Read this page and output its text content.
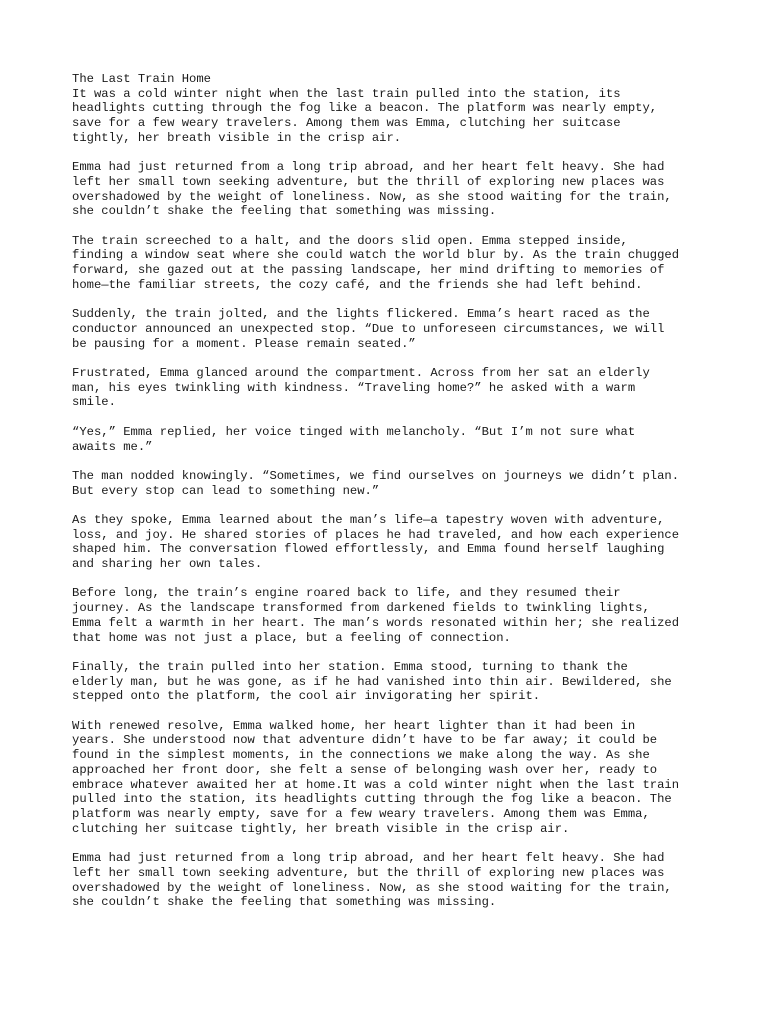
The Last Train Home

It was a cold winter night when the last train pulled into the station, its
headlights cutting through the fog like a beacon. The platform was nearly empty,
save for a few weary travelers. Among them was Emma, clutching her suitcase
tightly, her breath visible in the crisp air.

Emma had just returned from a long trip abroad, and her heart felt heavy. She had
left her small town seeking adventure, but the thrill of exploring new places was
overshadowed by the weight of loneliness. Now, as she stood waiting for the train,
she couldn’t shake the feeling that something was missing.

The train screeched to a halt, and the doors slid open. Emma stepped inside,
finding a window seat where she could watch the world blur by. As the train chugged
forward, she gazed out at the passing landscape, her mind drifting to memories of
home—the familiar streets, the cozy café, and the friends she had left behind.

Suddenly, the train jolted, and the lights flickered. Emma’s heart raced as the
conductor announced an unexpected stop. “Due to unforeseen circumstances, we will
be pausing for a moment. Please remain seated.”

Frustrated, Emma glanced around the compartment. Across from her sat an elderly
man, his eyes twinkling with kindness. “Traveling home?” he asked with a warm
smile.

“Yes,” Emma replied, her voice tinged with melancholy. “But I’m not sure what
awaits me.”

The man nodded knowingly. “Sometimes, we find ourselves on journeys we didn’t plan.
But every stop can lead to something new.”

As they spoke, Emma learned about the man’s life—a tapestry woven with adventure,
loss, and joy. He shared stories of places he had traveled, and how each experience
shaped him. The conversation flowed effortlessly, and Emma found herself laughing
and sharing her own tales.

Before long, the train’s engine roared back to life, and they resumed their
journey. As the landscape transformed from darkened fields to twinkling lights,
Emma felt a warmth in her heart. The man’s words resonated within her; she realized
that home was not just a place, but a feeling of connection.

Finally, the train pulled into her station. Emma stood, turning to thank the
elderly man, but he was gone, as if he had vanished into thin air. Bewildered, she
stepped onto the platform, the cool air invigorating her spirit.

With renewed resolve, Emma walked home, her heart lighter than it had been in
years. She understood now that adventure didn’t have to be far away; it could be
found in the simplest moments, in the connections we make along the way. As she
approached her front door, she felt a sense of belonging wash over her, ready to
embrace whatever awaited her at home.It was a cold winter night when the last train
pulled into the station, its headlights cutting through the fog like a beacon. The
platform was nearly empty, save for a few weary travelers. Among them was Emma,
clutching her suitcase tightly, her breath visible in the crisp air.

Emma had just returned from a long trip abroad, and her heart felt heavy. She had
left her small town seeking adventure, but the thrill of exploring new places was
overshadowed by the weight of loneliness. Now, as she stood waiting for the train,
she couldn’t shake the feeling that something was missing.
